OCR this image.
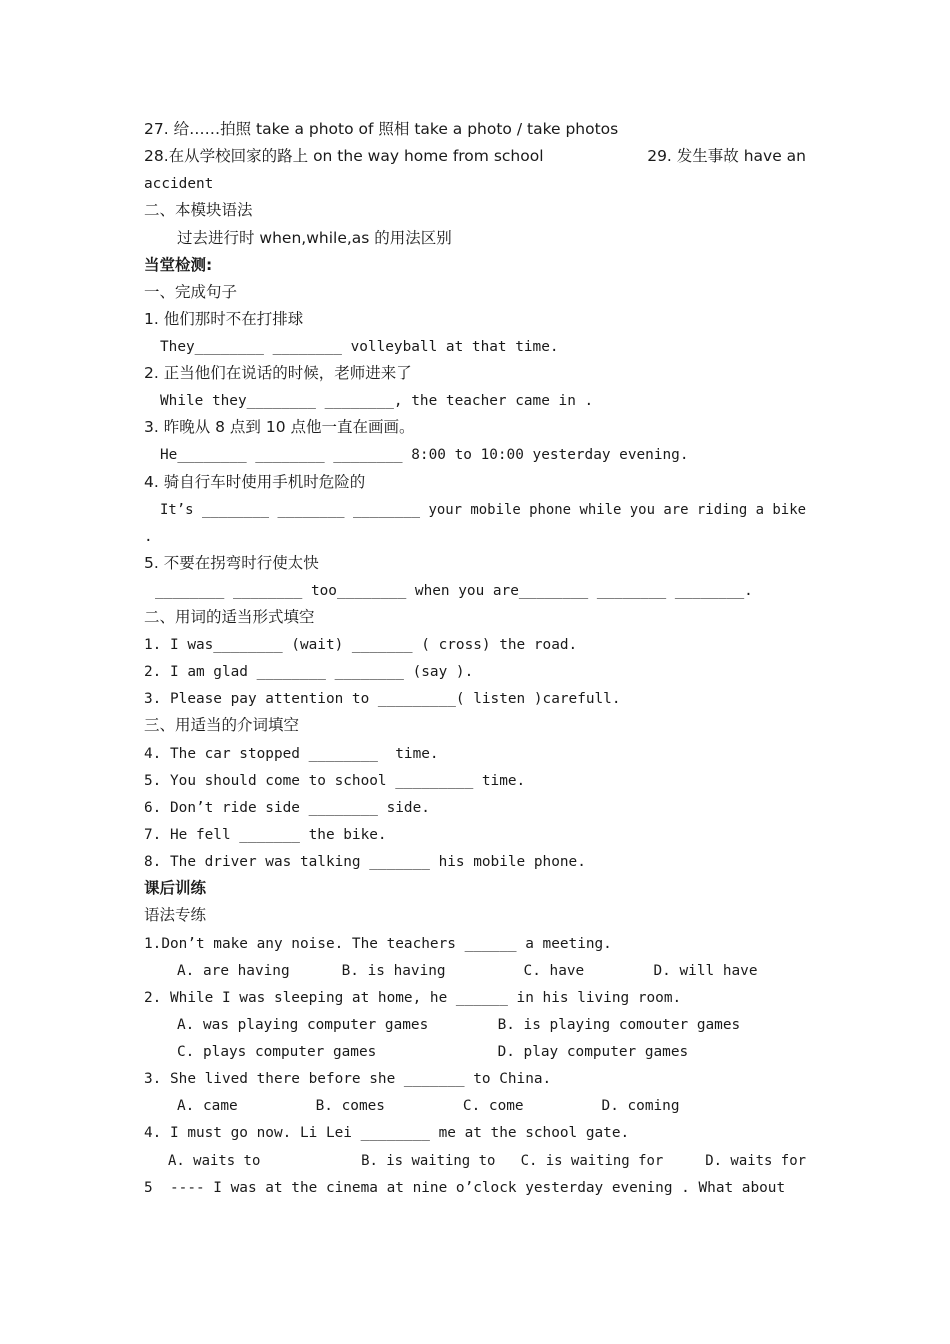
27. 给……拍照 take a photo of 照相 take a photo / take photos
28.在从学校回家的路上 on the way home from school	29. 发生事故 have an
accident
二、本模块语法
过去进行时 when,while,as 的用法区别
当堂检测:
一、完成句子
1. 他们那时不在打排球
They________ ________ volleyball at that time.
2. 正当他们在说话的时候，老师进来了
While they________ ________, the teacher came in .
3. 昨晚从 8 点到 10 点他一直在画画。
He________ ________ ________ 8:00 to 10:00 yesterday evening.
4. 骑自行车时使用手机时危险的
It’s ________ ________ ________ your mobile phone while you are riding a bike
.
5. 不要在拐弯时行使太快
________ ________ too________ when you are________ ________ ________.
二、用词的适当形式填空
1. I was________ (wait) _______ ( cross) the road.
2. I am glad ________ ________ (say ).
3. Please pay attention to _________( listen )carefull.
三、用适当的介词填空
4. The car stopped ________  time.
5. You should come to school _________ time.
6. Don’t ride side ________ side.
7. He fell _______ the bike.
8. The driver was talking _______ his mobile phone.
课后训练
语法专练
1.Don’t make any noise. The teachers ______ a meeting.
A. are having      B. is having         C. have        D. will have
2. While I was sleeping at home, he ______ in his living room.
A. was playing computer games        B. is playing comouter games
C. plays computer games              D. play computer games
3. She lived there before she _______ to China.
A. came         B. comes         C. come         D. coming
4. I must go now. Li Lei ________ me at the school gate.
A. waits to            B. is waiting to   C. is waiting for     D. waits for
5  ---- I was at the cinema at nine o’clock yesterday evening . What about
